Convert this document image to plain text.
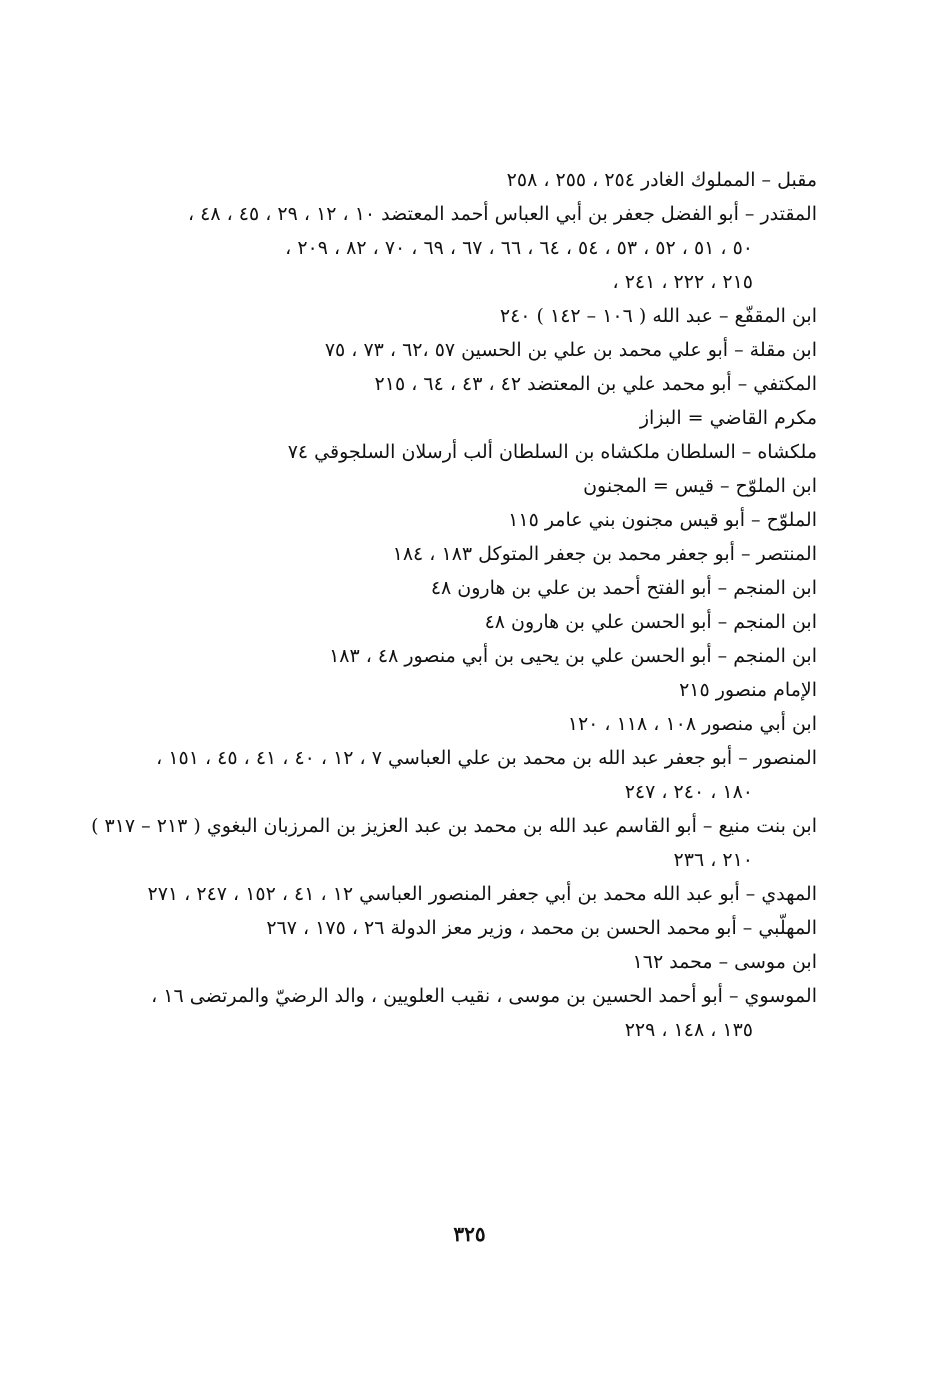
مقبل – المملوك الغادر ٢٥٤ ، ٢٥٥ ، ٢٥٨
المقتدر – أبو الفضل جعفر بن أبي العباس أحمد المعتضد ١٠ ، ١٢ ، ٢٩ ، ٤٥ ، ٤٨ ،
٥٠ ، ٥١ ، ٥٢ ، ٥٣ ، ٥٤ ، ٦٤ ، ٦٦ ، ٦٧ ، ٦٩ ، ٧٠ ، ٨٢ ، ٢٠٩ ،
٢١٥ ، ٢٢٢ ، ٢٤١ ،
ابن المقفّع – عبد الله ( ١٠٦ – ١٤٢ ) ٢٤٠
ابن مقلة – أبو علي محمد بن علي بن الحسين ٥٧ ،٦٢ ، ٧٣ ، ٧٥
المكتفي – أبو محمد علي بن المعتضد ٤٢ ، ٤٣ ، ٦٤ ، ٢١٥
مكرم القاضي = البزاز
ملكشاه – السلطان ملكشاه بن السلطان ألب أرسلان السلجوقي ٧٤
ابن الملوّح – قيس = المجنون
الملوّح – أبو قيس مجنون بني عامر ١١٥
المنتصر – أبو جعفر محمد بن جعفر المتوكل ١٨٣ ، ١٨٤
ابن المنجم – أبو الفتح أحمد بن علي بن هارون ٤٨
ابن المنجم – أبو الحسن علي بن هارون ٤٨
ابن المنجم – أبو الحسن علي بن يحيى بن أبي منصور ٤٨ ، ١٨٣
الإمام منصور ٢١٥
ابن أبي منصور ١٠٨ ، ١١٨ ، ١٢٠
المنصور – أبو جعفر عبد الله بن محمد بن علي العباسي ٧ ، ١٢ ، ٤٠ ، ٤١ ، ٤٥ ، ١٥١ ،
١٨٠ ، ٢٤٠ ، ٢٤٧
ابن بنت منيع – أبو القاسم عبد الله بن محمد بن عبد العزيز بن المرزبان البغوي ( ٢١٣ – ٣١٧ )
٢١٠ ، ٢٣٦
المهدي – أبو عبد الله محمد بن أبي جعفر المنصور العباسي ١٢ ، ٤١ ، ١٥٢ ، ٢٤٧ ، ٢٧١
المهلّبي – أبو محمد الحسن بن محمد ، وزير معز الدولة ٢٦ ، ١٧٥ ، ٢٦٧
ابن موسى – محمد ١٦٢
الموسوي – أبو أحمد الحسين بن موسى ، نقيب العلويين ، والد الرضيّ والمرتضى ١٦ ،
١٣٥ ، ١٤٨ ، ٢٢٩
٣٢٥
